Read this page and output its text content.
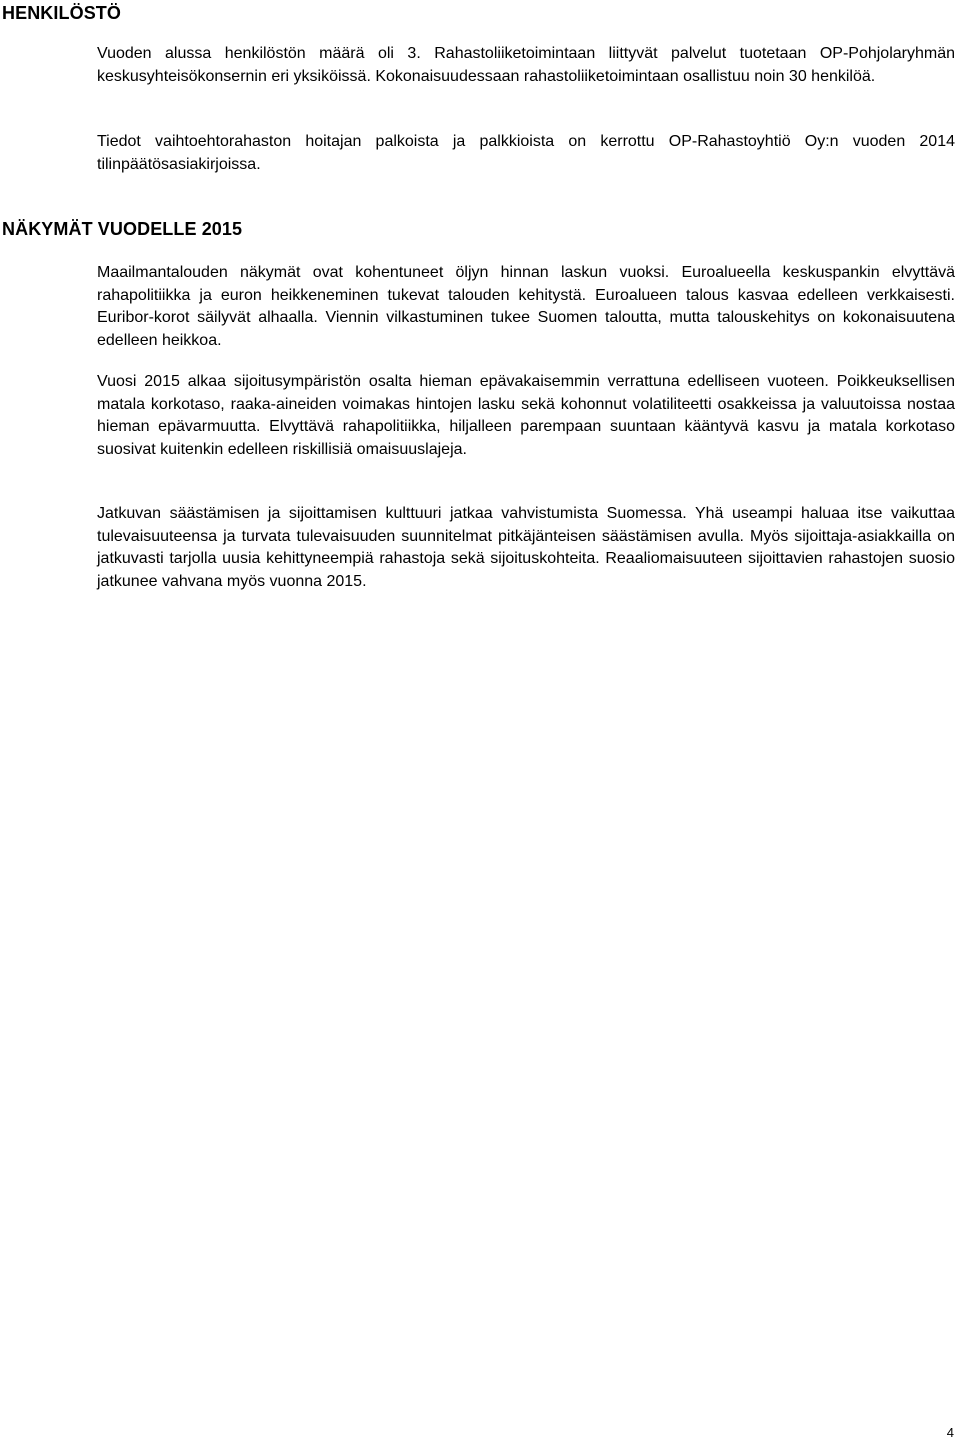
HENKILÖSTÖ

Vuoden alussa henkilöstön määrä oli 3. Rahastoliiketoimintaan liittyvät palvelut tuotetaan OP-Pohjolaryhmän keskusyhteisökonsernin eri yksiköissä. Kokonaisuudessaan rahastoliiketoimintaan osallistuu noin 30 henkilöä.

Tiedot vaihtoehtorahaston hoitajan palkoista ja palkkioista on kerrottu OP-Rahastoyhtiö Oy:n vuoden 2014 tilinpäätösasiakirjoissa.

NÄKYMÄT VUODELLE 2015

Maailmantalouden näkymät ovat kohentuneet öljyn hinnan laskun vuoksi. Euroalueella keskuspankin elvyttävä rahapolitiikka ja euron heikkeneminen tukevat talouden kehitystä. Euroalueen talous kasvaa edelleen verkkaisesti. Euribor-korot säilyvät alhaalla. Viennin vilkastuminen tukee Suomen taloutta, mutta talouskehitys on kokonaisuutena edelleen heikkoa.

Vuosi 2015 alkaa sijoitusympäristön osalta hieman epävakaisemmin verrattuna edelliseen vuoteen. Poikkeuksellisen matala korkotaso, raaka-aineiden voimakas hintojen lasku sekä kohonnut volatiliteetti osakkeissa ja valuutoissa nostaa hieman epävarmuutta. Elvyttävä rahapolitiikka, hiljalleen parempaan suuntaan kääntyvä kasvu ja matala korkotaso suosivat kuitenkin edelleen riskillisiä omaisuuslajeja.

Jatkuvan säästämisen ja sijoittamisen kulttuuri jatkaa vahvistumista Suomessa. Yhä useampi haluaa itse vaikuttaa tulevaisuuteensa ja turvata tulevaisuuden suunnitelmat pitkäjänteisen säästämisen avulla. Myös sijoittaja-asiakkailla on jatkuvasti tarjolla uusia kehittyneempiä rahastoja sekä sijoituskohteita. Reaaliomaisuuteen sijoittavien rahastojen suosio jatkunee vahvana myös vuonna 2015.

4
